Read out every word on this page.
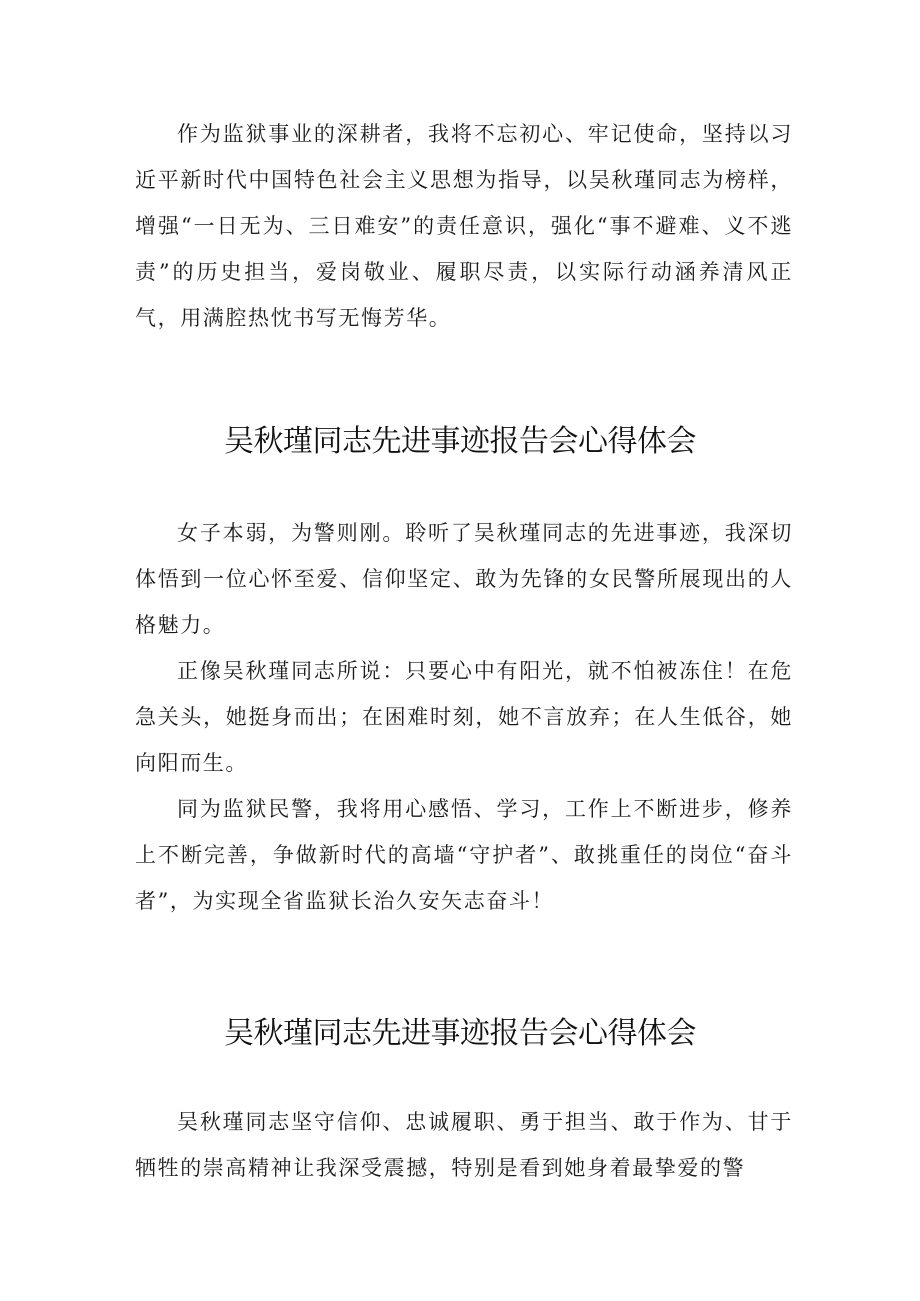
作为监狱事业的深耕者，我将不忘初心、牢记使命，坚持以习近平新时代中国特色社会主义思想为指导，以吴秋瑾同志为榜样，增强“一日无为、三日难安”的责任意识，强化“事不避难、义不逃责”的历史担当，爱岗敬业、履职尽责，以实际行动涵养清风正气，用满腔热忱书写无悔芳华。

吴秋瑾同志先进事迹报告会心得体会

女子本弱，为警则刚。聆听了吴秋瑾同志的先进事迹，我深切体悟到一位心怀至爱、信仰坚定、敢为先锋的女民警所展现出的人格魅力。

正像吴秋瑾同志所说：只要心中有阳光，就不怕被冻住！在危急关头，她挺身而出；在困难时刻，她不言放弃；在人生低谷，她向阳而生。

同为监狱民警，我将用心感悟、学习，工作上不断进步，修养上不断完善，争做新时代的高墙“守护者”、敢挑重任的岗位“奋斗者”，为实现全省监狱长治久安矢志奋斗！

吴秋瑾同志先进事迹报告会心得体会

吴秋瑾同志坚守信仰、忠诚履职、勇于担当、敢于作为、甘于牺牲的崇高精神让我深受震撼，特别是看到她身着最挚爱的警
